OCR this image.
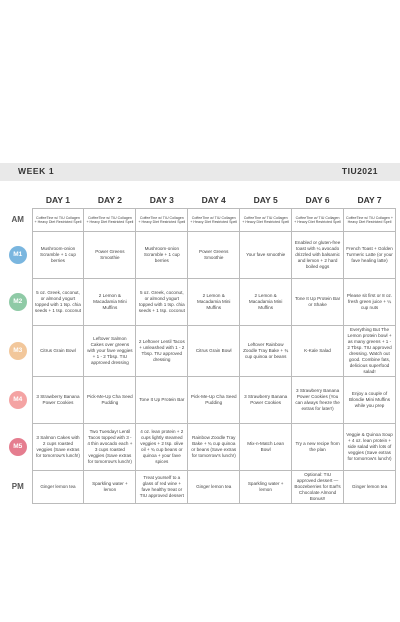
WEEK 1	TIU2021
	DAY 1	DAY 2	DAY 3	DAY 4	DAY 5	DAY 6	DAY 7
AM	CoffeeTine w/ TIU Collagen + Heavy Diet Restricted Spell	CoffeeTine w/ TIU Collagen + Heavy Diet Restricted Spell	CoffeeTine w/ TIU Collagen + Heavy Diet Restricted Spell	CoffeeTine w/ TIU Collagen + Heavy Diet Restricted Spell	CoffeeTine w/ TIU Collagen + Heavy Diet Restricted Spell	CoffeeTine w/ TIU Collagen + Heavy Diet Restricted Spell	CoffeeTine w/ TIU Collagen + Heavy Diet Restricted Spell
M1	Mushroom-onion Scramble + 1 cup berries	Power Greens Smoothie	Mushroom-onion Scramble + 1 cup berries	Power Greens Smoothie	Your fave smoothie	Enabled or gluten-free toast with ¼ avocado drizzled with balsamic and lemon + 2 hard boiled eggs	French Toast + Golden Turmeric Latte (or your fave healing latte)
M2	5 oz. Greek, coconut, or almond yogurt topped with 1 tsp. chia seeds + 1 tsp. coconut	2 Lemon & Macadamia Mini Muffins	5 oz. Greek, coconut, or almond yogurt topped with 1 tsp. chia seeds + 1 tsp. coconut	2 Lemon & Macadamia Mini Muffins	2 Lemon & Macadamia Mini Muffins	Tone It Up Protein Bar or Shake	Please sit first or 8 oz. fresh green juice + ¼ cup nuts
M3	Citrus Grain Bowl	Leftover Salmon Cakes over greens with your fave veggies + 1 - 2 Tbsp. TIU approved dressing	2 Leftover Lentil Tacos + unleashed with 1 - 2 Tbsp. TIU approved dressing	Citrus Grain Bowl	Leftover Rainbow Zoodle Tray Bake + ¾ cup quinoa or beans	K-Kale Salad	Everything But The Lemon protein bowl + as many greens + 1 - 2 Tbsp. TIU approved dressing. Watch out good. Combine fats, delicious superfood salad!
M4	3 Strawberry Banana Power Cookies	Pick-Me-Up Cha Seed Pudding	Tone It Up Protein Bar	Pick-Me-Up Cha Seed Pudding	3 Strawberry Banana Power Cookies	3 Strawberry Banana Power Cookies (You can always freeze the extras for later!)	Enjoy a couple of Blondie Mini Muffins while you prep
M5	3 Salmon Cakes with 2 cups roasted veggies (Save extras for tomorrow's lunch!)	Two Tuesday! Lentil Tacos topped with 3 - 4 thin avocado each + 3 cups roasted veggies (Save extras for tomorrow's lunch!)	4 oz. lean protein + 2 cups lightly steamed veggies + 2 tsp. olive oil + ¾ cup beans or quinoa + your fave spices	Rainbow Zoodle Tray Bake + ¾ cup quinoa or beans (Save extras for tomorrow's lunch!)	Mix-n-Match Lean Bowl	Try a new recipe from the plan	Veggie & Quinoa Soup + 4 oz. lean protein + side salad with lots of veggies (Save extras for tomorrow's lunch!)
PM	Ginger lemon tea	Sparkling water + lemon	Treat yourself to a glass of red wine + fave healthy treat or TIU approved dessert	Ginger lemon tea	Sparkling water + lemon	Optional: TIU approved dessert — Boozeberries for Earl's Chocolate Almond Bonus!!	Ginger lemon tea
